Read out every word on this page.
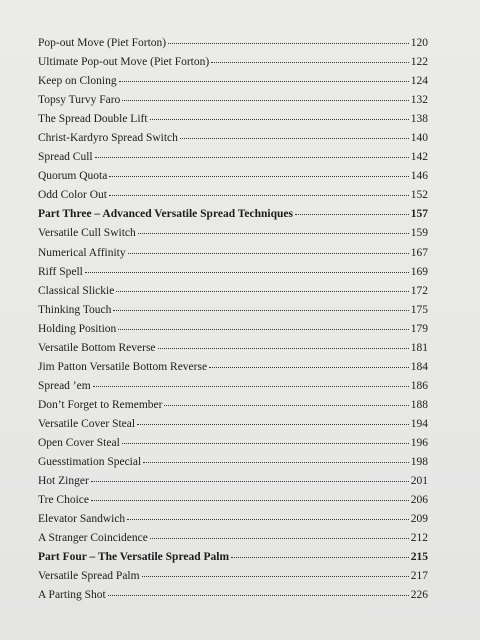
Pop-out Move (Piet Forton)	120
Ultimate Pop-out Move (Piet Forton)	122
Keep on Cloning	124
Topsy Turvy Faro	132
The Spread Double Lift	138
Christ-Kardyro Spread Switch	140
Spread Cull	142
Quorum Quota	146
Odd Color Out	152
Part Three – Advanced Versatile Spread Techniques	157
Versatile Cull Switch	159
Numerical Affinity	167
Riff Spell	169
Classical Slickie	172
Thinking Touch	175
Holding Position	179
Versatile Bottom Reverse	181
Jim Patton Versatile Bottom Reverse	184
Spread ’em	186
Don’t Forget to Remember	188
Versatile Cover Steal	194
Open Cover Steal	196
Guesstimation Special	198
Hot Zinger	201
Tre Choice	206
Elevator Sandwich	209
A Stranger Coincidence	212
Part Four – The Versatile Spread Palm	215
Versatile Spread Palm	217
A Parting Shot	226
